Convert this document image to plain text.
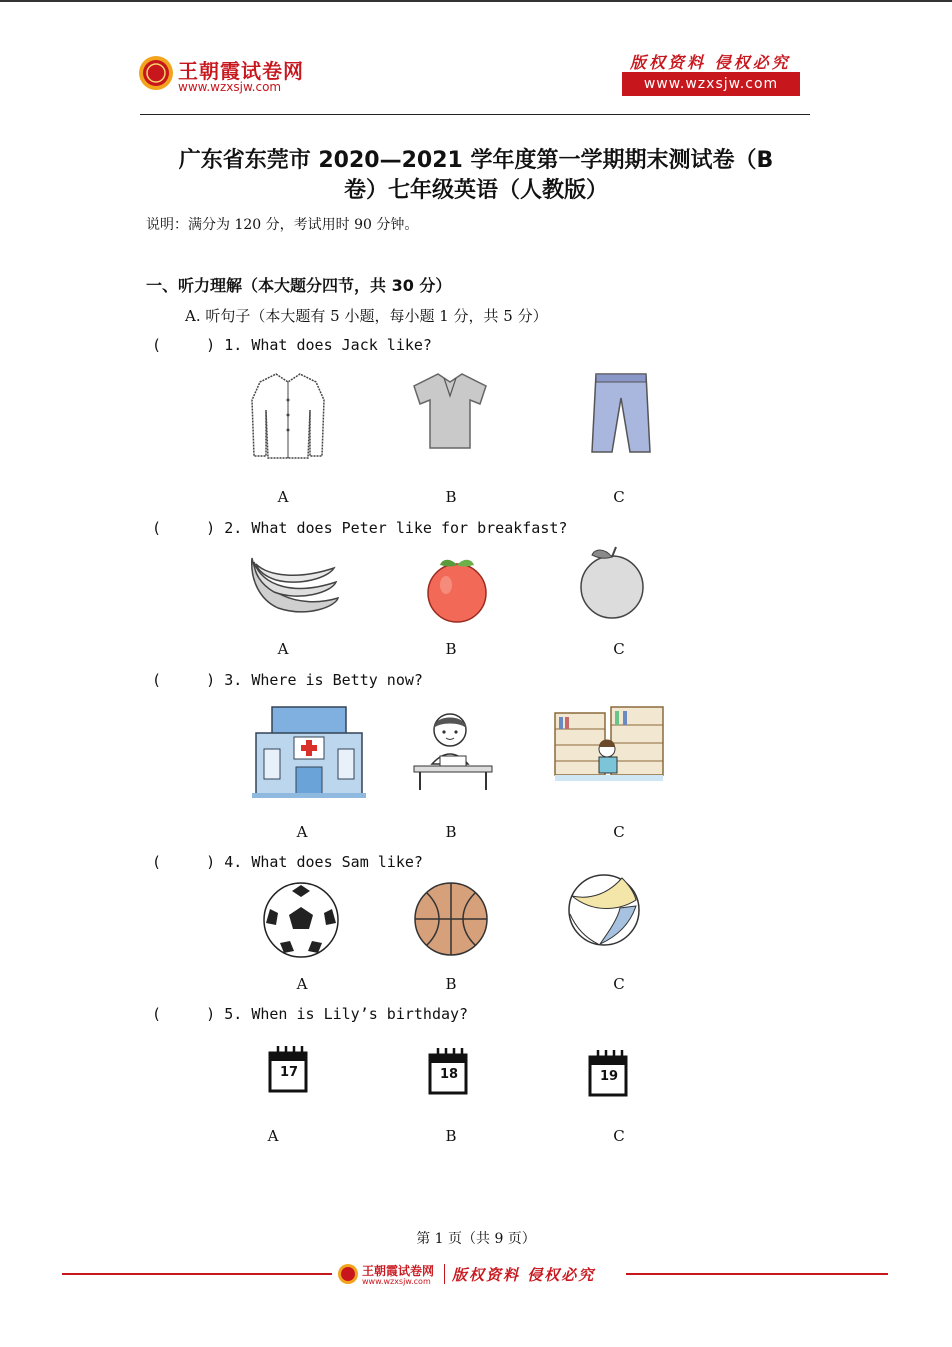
王朝霞试卷网
www.wzxsjw.com
版权资料 侵权必究
www.wzxsjw.com
广东省东莞市 2020—2021 学年度第一学期期末测试卷（B
卷）七年级英语（人教版）
说明：满分为 120 分，考试用时 90 分钟。
一、听力理解（本大题分四节，共 30 分）
A. 听句子（本大题有 5 小题，每小题 1 分，共 5 分）
(     ) 1. What does Jack like?
A	B	C
(     ) 2. What does Peter like for breakfast?
A	B	C
(     ) 3. Where is Betty now?
A	B	C
(     ) 4. What does Sam like?
A	B	C
(     ) 5. When is Lily’s birthday?
17	18	19
A	B	C
第 1 页（共 9 页）
王朝霞试卷网
www.wzxsjw.com 版权资料 侵权必究
